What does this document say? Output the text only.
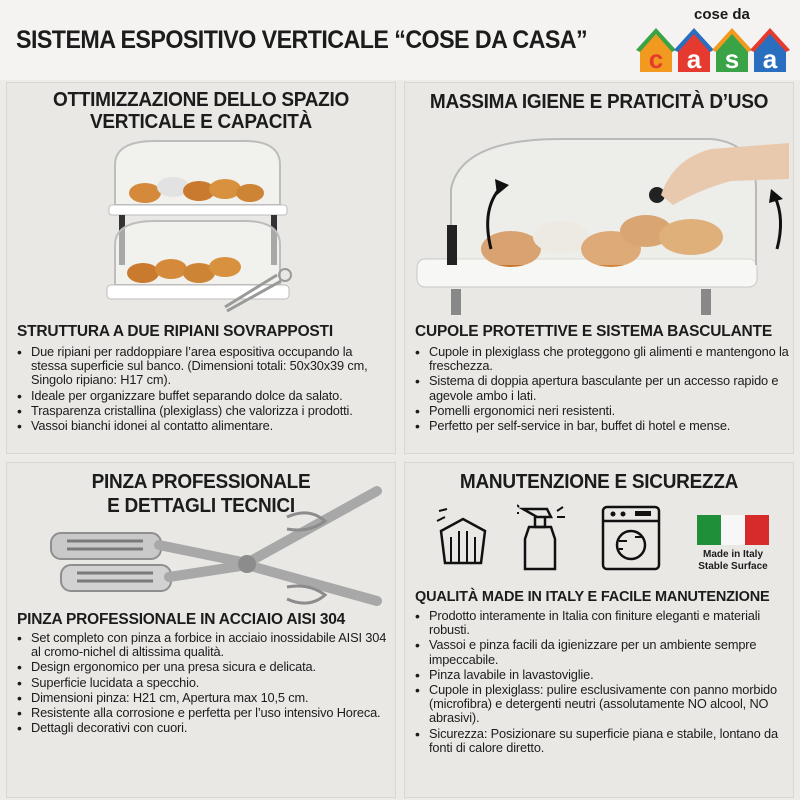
SISTEMA ESPOSITIVO VERTICALE “COSE DA CASA”
cose da
c a s a
OTTIMIZZAZIONE DELLO SPAZIO
VERTICALE E CAPACITÀ
STRUTTURA A DUE RIPIANI SOVRAPPOSTI
• Due ripiani per raddoppiare l’area espositiva occupando la stessa superficie sul banco. (Dimensioni totali: 50x30x39 cm, Singolo ripiano: H17 cm).
• Ideale per organizzare buffet separando dolce da salato.
• Trasparenza cristallina (plexiglass) che valorizza i prodotti.
• Vassoi bianchi idonei al contatto alimentare.
MASSIMA IGIENE E PRATICITÀ D’USO
CUPOLE PROTETTIVE E SISTEMA BASCULANTE
• Cupole in plexiglass che proteggono gli alimenti e mantengono la freschezza.
• Sistema di doppia apertura basculante per un accesso rapido e agevole ambo i lati.
• Pomelli ergonomici neri resistenti.
• Perfetto per self-service in bar, buffet di hotel e mense.
PINZA PROFESSIONALE
E DETTAGLI TECNICI
PINZA PROFESSIONALE IN ACCIAIO AISI 304
• Set completo con pinza a forbice in acciaio inossidabile AISI 304 al cromo-nichel di altissima qualità.
• Design ergonomico per una presa sicura e delicata.
• Superficie lucidata a specchio.
• Dimensioni pinza: H21 cm, Apertura max 10,5 cm.
• Resistente alla corrosione e perfetta per l’uso intensivo Horeca.
• Dettagli decorativi con cuori.
MANUTENZIONE E SICUREZZA
Made in Italy
Stable Surface
QUALITÀ MADE IN ITALY E FACILE MANUTENZIONE
• Prodotto interamente in Italia con finiture eleganti e materiali robusti.
• Vassoi e pinza facili da igienizzare per un ambiente sempre impeccabile.
• Pinza lavabile in lavastoviglie.
• Cupole in plexiglass: pulire esclusivamente con panno morbido (microfibra) e detergenti neutri (assolutamente NO alcool, NO abrasivi).
• Sicurezza: Posizionare su superficie piana e stabile, lontano da fonti di calore diretto.
